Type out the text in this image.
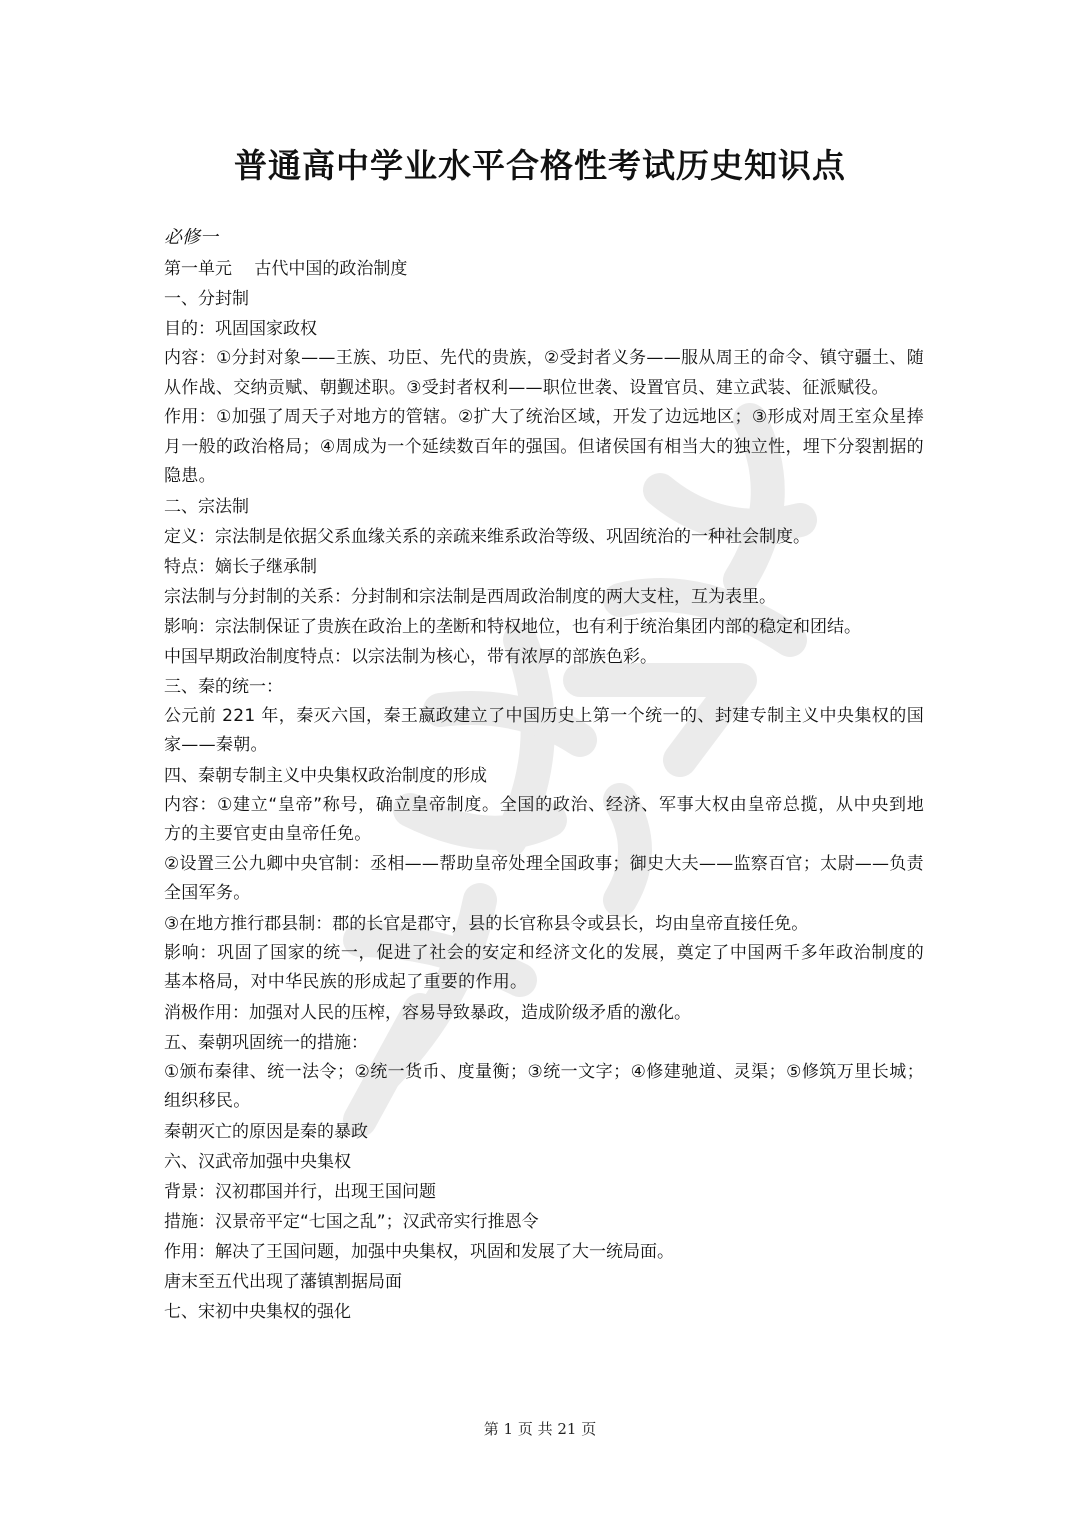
普通高中学业水平合格性考试历史知识点
必修一
第一单元　 古代中国的政治制度
一、分封制
目的：巩固国家政权
内容：①分封对象——王族、功臣、先代的贵族，②受封者义务——服从周王的命令、镇守疆土、随从作战、交纳贡赋、朝觐述职。③受封者权利——职位世袭、设置官员、建立武装、征派赋役。
作用：①加强了周天子对地方的管辖。②扩大了统治区域，开发了边远地区；③形成对周王室众星捧月一般的政治格局；④周成为一个延续数百年的强国。但诸侯国有相当大的独立性，埋下分裂割据的隐患。
二、宗法制
定义：宗法制是依据父系血缘关系的亲疏来维系政治等级、巩固统治的一种社会制度。
特点：嫡长子继承制
宗法制与分封制的关系：分封制和宗法制是西周政治制度的两大支柱，互为表里。
影响：宗法制保证了贵族在政治上的垄断和特权地位，也有利于统治集团内部的稳定和团结。
中国早期政治制度特点：以宗法制为核心，带有浓厚的部族色彩。
三、秦的统一：
公元前 221 年，秦灭六国，秦王嬴政建立了中国历史上第一个统一的、封建专制主义中央集权的国家——秦朝。
四、秦朝专制主义中央集权政治制度的形成
内容：①建立“皇帝”称号，确立皇帝制度。全国的政治、经济、军事大权由皇帝总揽，从中央到地方的主要官吏由皇帝任免。
②设置三公九卿中央官制：丞相——帮助皇帝处理全国政事；御史大夫——监察百官；太尉——负责全国军务。
③在地方推行郡县制：郡的长官是郡守，县的长官称县令或县长，均由皇帝直接任免。
影响：巩固了国家的统一，促进了社会的安定和经济文化的发展，奠定了中国两千多年政治制度的基本格局，对中华民族的形成起了重要的作用。
消极作用：加强对人民的压榨，容易导致暴政，造成阶级矛盾的激化。
五、秦朝巩固统一的措施：
①颁布秦律、统一法令；②统一货币、度量衡；③统一文字；④修建驰道、灵渠；⑤修筑万里长城；组织移民。
秦朝灭亡的原因是秦的暴政
六、汉武帝加强中央集权
背景：汉初郡国并行，出现王国问题
措施：汉景帝平定“七国之乱”；汉武帝实行推恩令
作用：解决了王国问题，加强中央集权，巩固和发展了大一统局面。
唐末至五代出现了藩镇割据局面
七、宋初中央集权的强化
第 1 页 共 21 页
